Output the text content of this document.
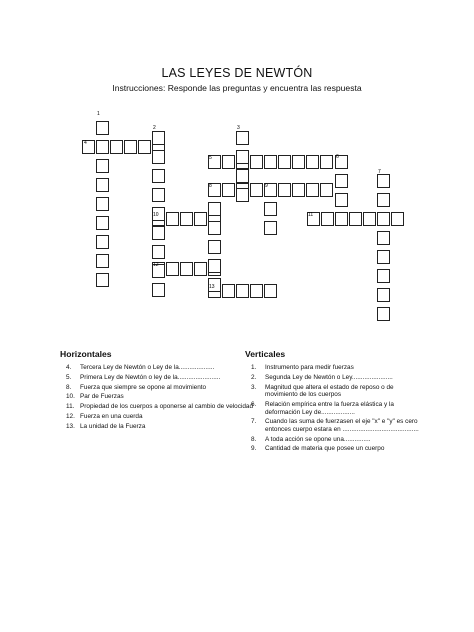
LAS LEYES DE NEWTÓN
Instrucciones: Responde las preguntas y encuentra las respuesta
1
2	3
4
5	6
7
8	9
10	11
12
13
Horizontales
4. Tercera Ley de Newtón o Ley de la....................
5. Primera Ley de Newtón o ley de la........................
8. Fuerza que siempre se opone al movimiento
10. Par de Fuerzas
11. Propiedad de los cuerpos a oponerse al cambio de velocidad
12. Fuerza en una cuerda
13. La unidad de la Fuerza
Verticales
1. Instrumento para medir fuerzas
2. Segunda Ley de Newtón o Ley.......................
3. Magnitud que altera el estado de reposo o de movimiento de los cuerpos
6. Relación empírica entre la fuerza elástica y la deformación Ley de...................
7. Cuando las suma de fuerzasen el eje "x" e "y" es cero entonces cuerpo estara en ...........................................
8. A toda acción se opone una...............
9. Cantidad de materia que posee un cuerpo
